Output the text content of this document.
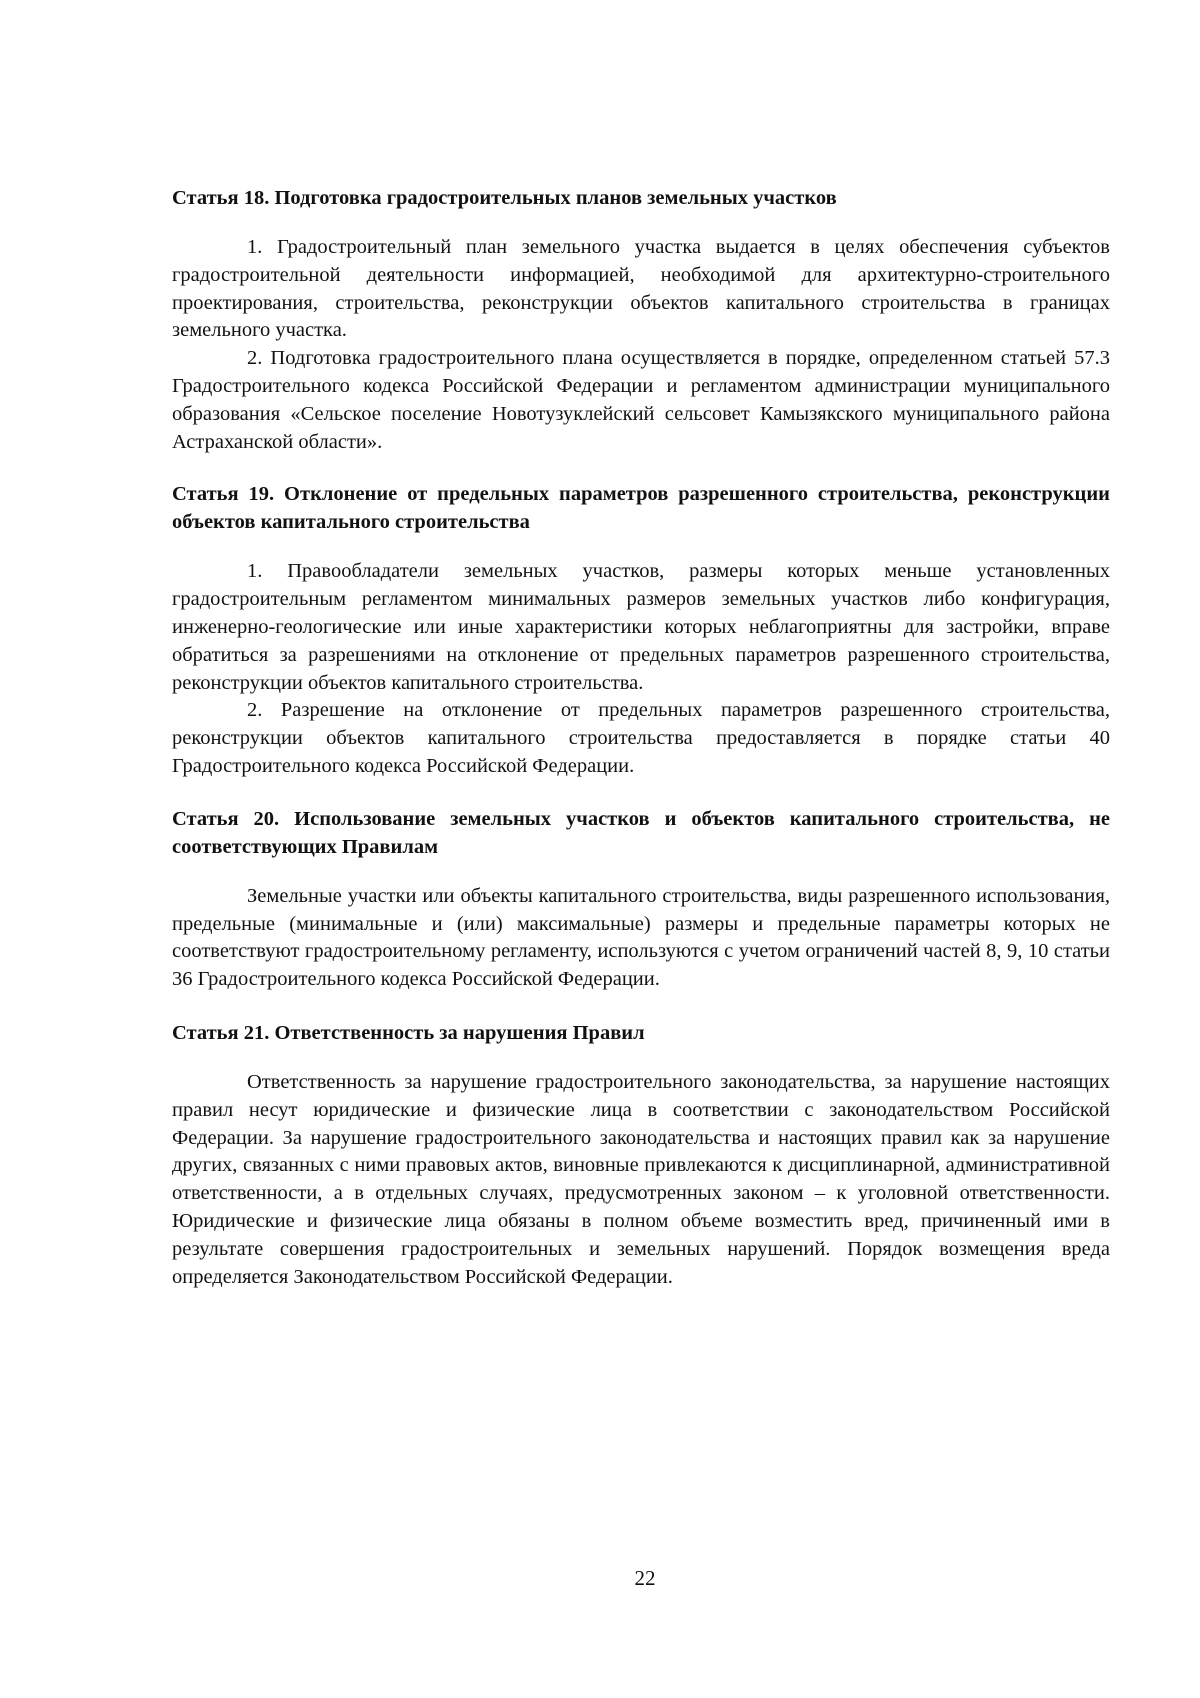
Статья 18. Подготовка градостроительных планов земельных участков

1. Градостроительный план земельного участка выдается в целях обеспечения субъектов градостроительной деятельности информацией, необходимой для архитектурно-строительного проектирования, строительства, реконструкции объектов капитального строительства в границах земельного участка.

2. Подготовка градостроительного плана осуществляется в порядке, определенном статьей 57.3 Градостроительного кодекса Российской Федерации и регламентом администрации муниципального образования «Сельское поселение Новотузуклейский сельсовет Камызякского муниципального района Астраханской области».

Статья 19. Отклонение от предельных параметров разрешенного строительства, реконструкции объектов капитального строительства

1. Правообладатели земельных участков, размеры которых меньше установленных градостроительным регламентом минимальных размеров земельных участков либо конфигурация, инженерно-геологические или иные характеристики которых неблагоприятны для застройки, вправе обратиться за разрешениями на отклонение от предельных параметров разрешенного строительства, реконструкции объектов капитального строительства.

2. Разрешение на отклонение от предельных параметров разрешенного строительства, реконструкции объектов капитального строительства предоставляется в порядке статьи 40 Градостроительного кодекса Российской Федерации.

Статья 20. Использование земельных участков и объектов капитального строительства, не соответствующих Правилам

Земельные участки или объекты капитального строительства, виды разрешенного использования, предельные (минимальные и (или) максимальные) размеры и предельные параметры которых не соответствуют градостроительному регламенту, используются с учетом ограничений частей 8, 9, 10 статьи 36 Градостроительного кодекса Российской Федерации.

Статья 21. Ответственность за нарушения Правил

Ответственность за нарушение градостроительного законодательства, за нарушение настоящих правил несут юридические и физические лица в соответствии с законодательством Российской Федерации. За нарушение градостроительного законодательства и настоящих правил как за нарушение других, связанных с ними правовых актов, виновные привлекаются к дисциплинарной, административной ответственности, а в отдельных случаях, предусмотренных законом – к уголовной ответственности. Юридические и физические лица обязаны в полном объеме возместить вред, причиненный ими в результате совершения градостроительных и земельных нарушений. Порядок возмещения вреда определяется Законодательством Российской Федерации.

22
